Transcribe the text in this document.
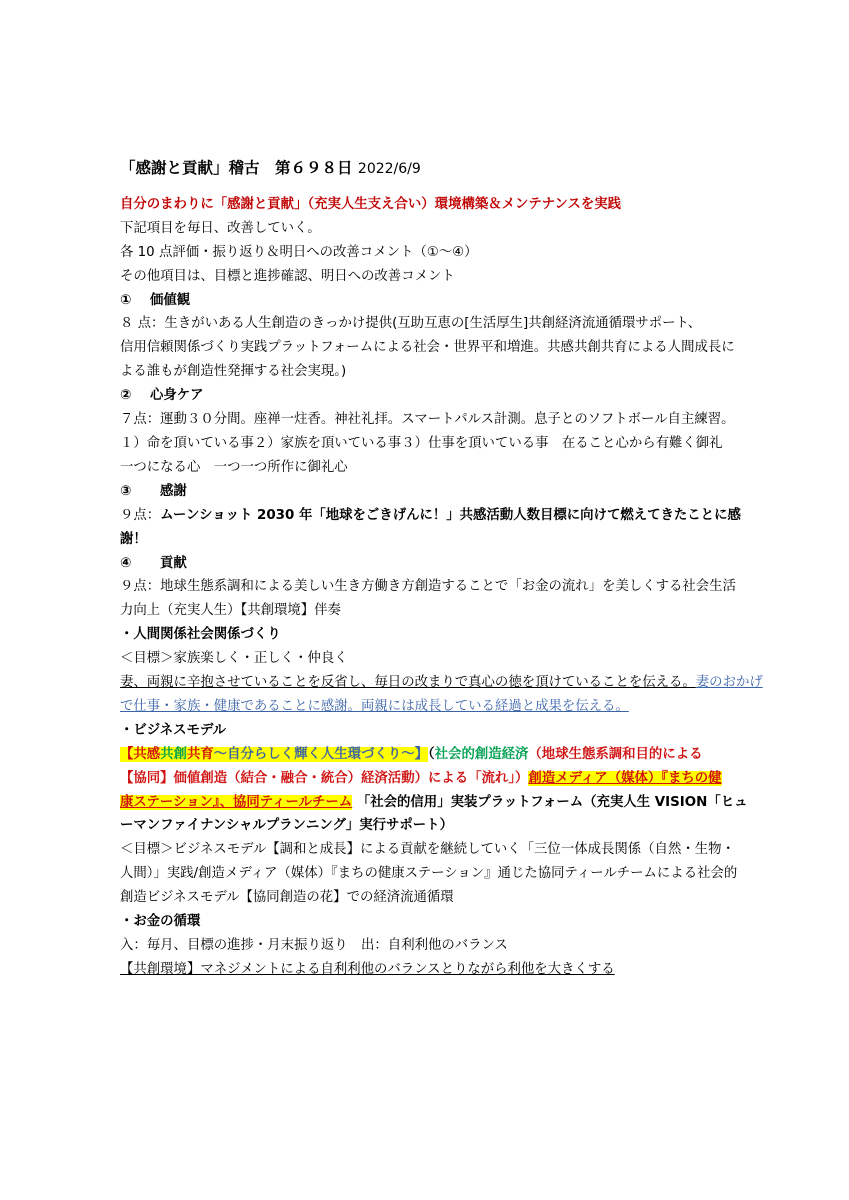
「感謝と貢献」稽古　第６９８日 2022/6/9
自分のまわりに「感謝と貢献」（充実人生支え合い）環境構築＆メンテナンスを実践
下記項目を毎日、改善していく。
各 10 点評価・振り返り＆明日への改善コメント（①～④）
その他項目は、目標と進捗確認、明日への改善コメント
① 価値観
８ 点：生きがいある人生創造のきっかけ提供(互助互恵の[生活厚生]共創経済流通循環サポート、
信用信頼関係づくり実践プラットフォームによる社会・世界平和増進。共感共創共育による人間成長に
よる誰もが創造性発揮する社会実現。)
② 心身ケア
７点：運動３０分間。座禅一炷香。神社礼拝。スマートパルス計測。息子とのソフトボール自主練習。
１）命を頂いている事２）家族を頂いている事３）仕事を頂いている事　在ること心から有難く御礼
一つになる心　一つ一つ所作に御礼心
③ 感謝
９点：ムーンショット 2030 年「地球をごきげんに！」共感活動人数目標に向けて燃えてきたことに感
謝！
④ 貢献
９点：地球生態系調和による美しい生き方働き方創造することで「お金の流れ」を美しくする社会生活
力向上（充実人生）【共創環境】伴奏
・人間関係社会関係づくり
＜目標＞家族楽しく・正しく・仲良く
妻、両親に辛抱させていることを反省し、毎日の改まりで真心の徳を頂けていることを伝える。妻のおかげ
で仕事・家族・健康であることに感謝。両親には成長している経過と成果を伝える。
・ビジネスモデル
【共感共創共育～自分らしく輝く人生環づくり～】（社会的創造経済（地球生態系調和目的による
【協同】価値創造（結合・融合・統合）経済活動）による「流れ」）創造メディア（媒体）『まちの健
康ステーション』、協同ティールチーム 「社会的信用」実装プラットフォーム（充実人生 VISION「ヒュ
ーマンファイナンシャルプランニング」実行サポート）
＜目標＞ビジネスモデル【調和と成長】による貢献を継続していく「三位一体成長関係（自然・生物・
人間）」実践/創造メディア（媒体）『まちの健康ステーション』通じた協同ティールチームによる社会的
創造ビジネスモデル【協同創造の花】での経済流通循環
・お金の循環
入：毎月、目標の進捗・月末振り返り　出：自利利他のバランス
【共創環境】マネジメントによる自利利他のバランスとりながら利他を大きくする
